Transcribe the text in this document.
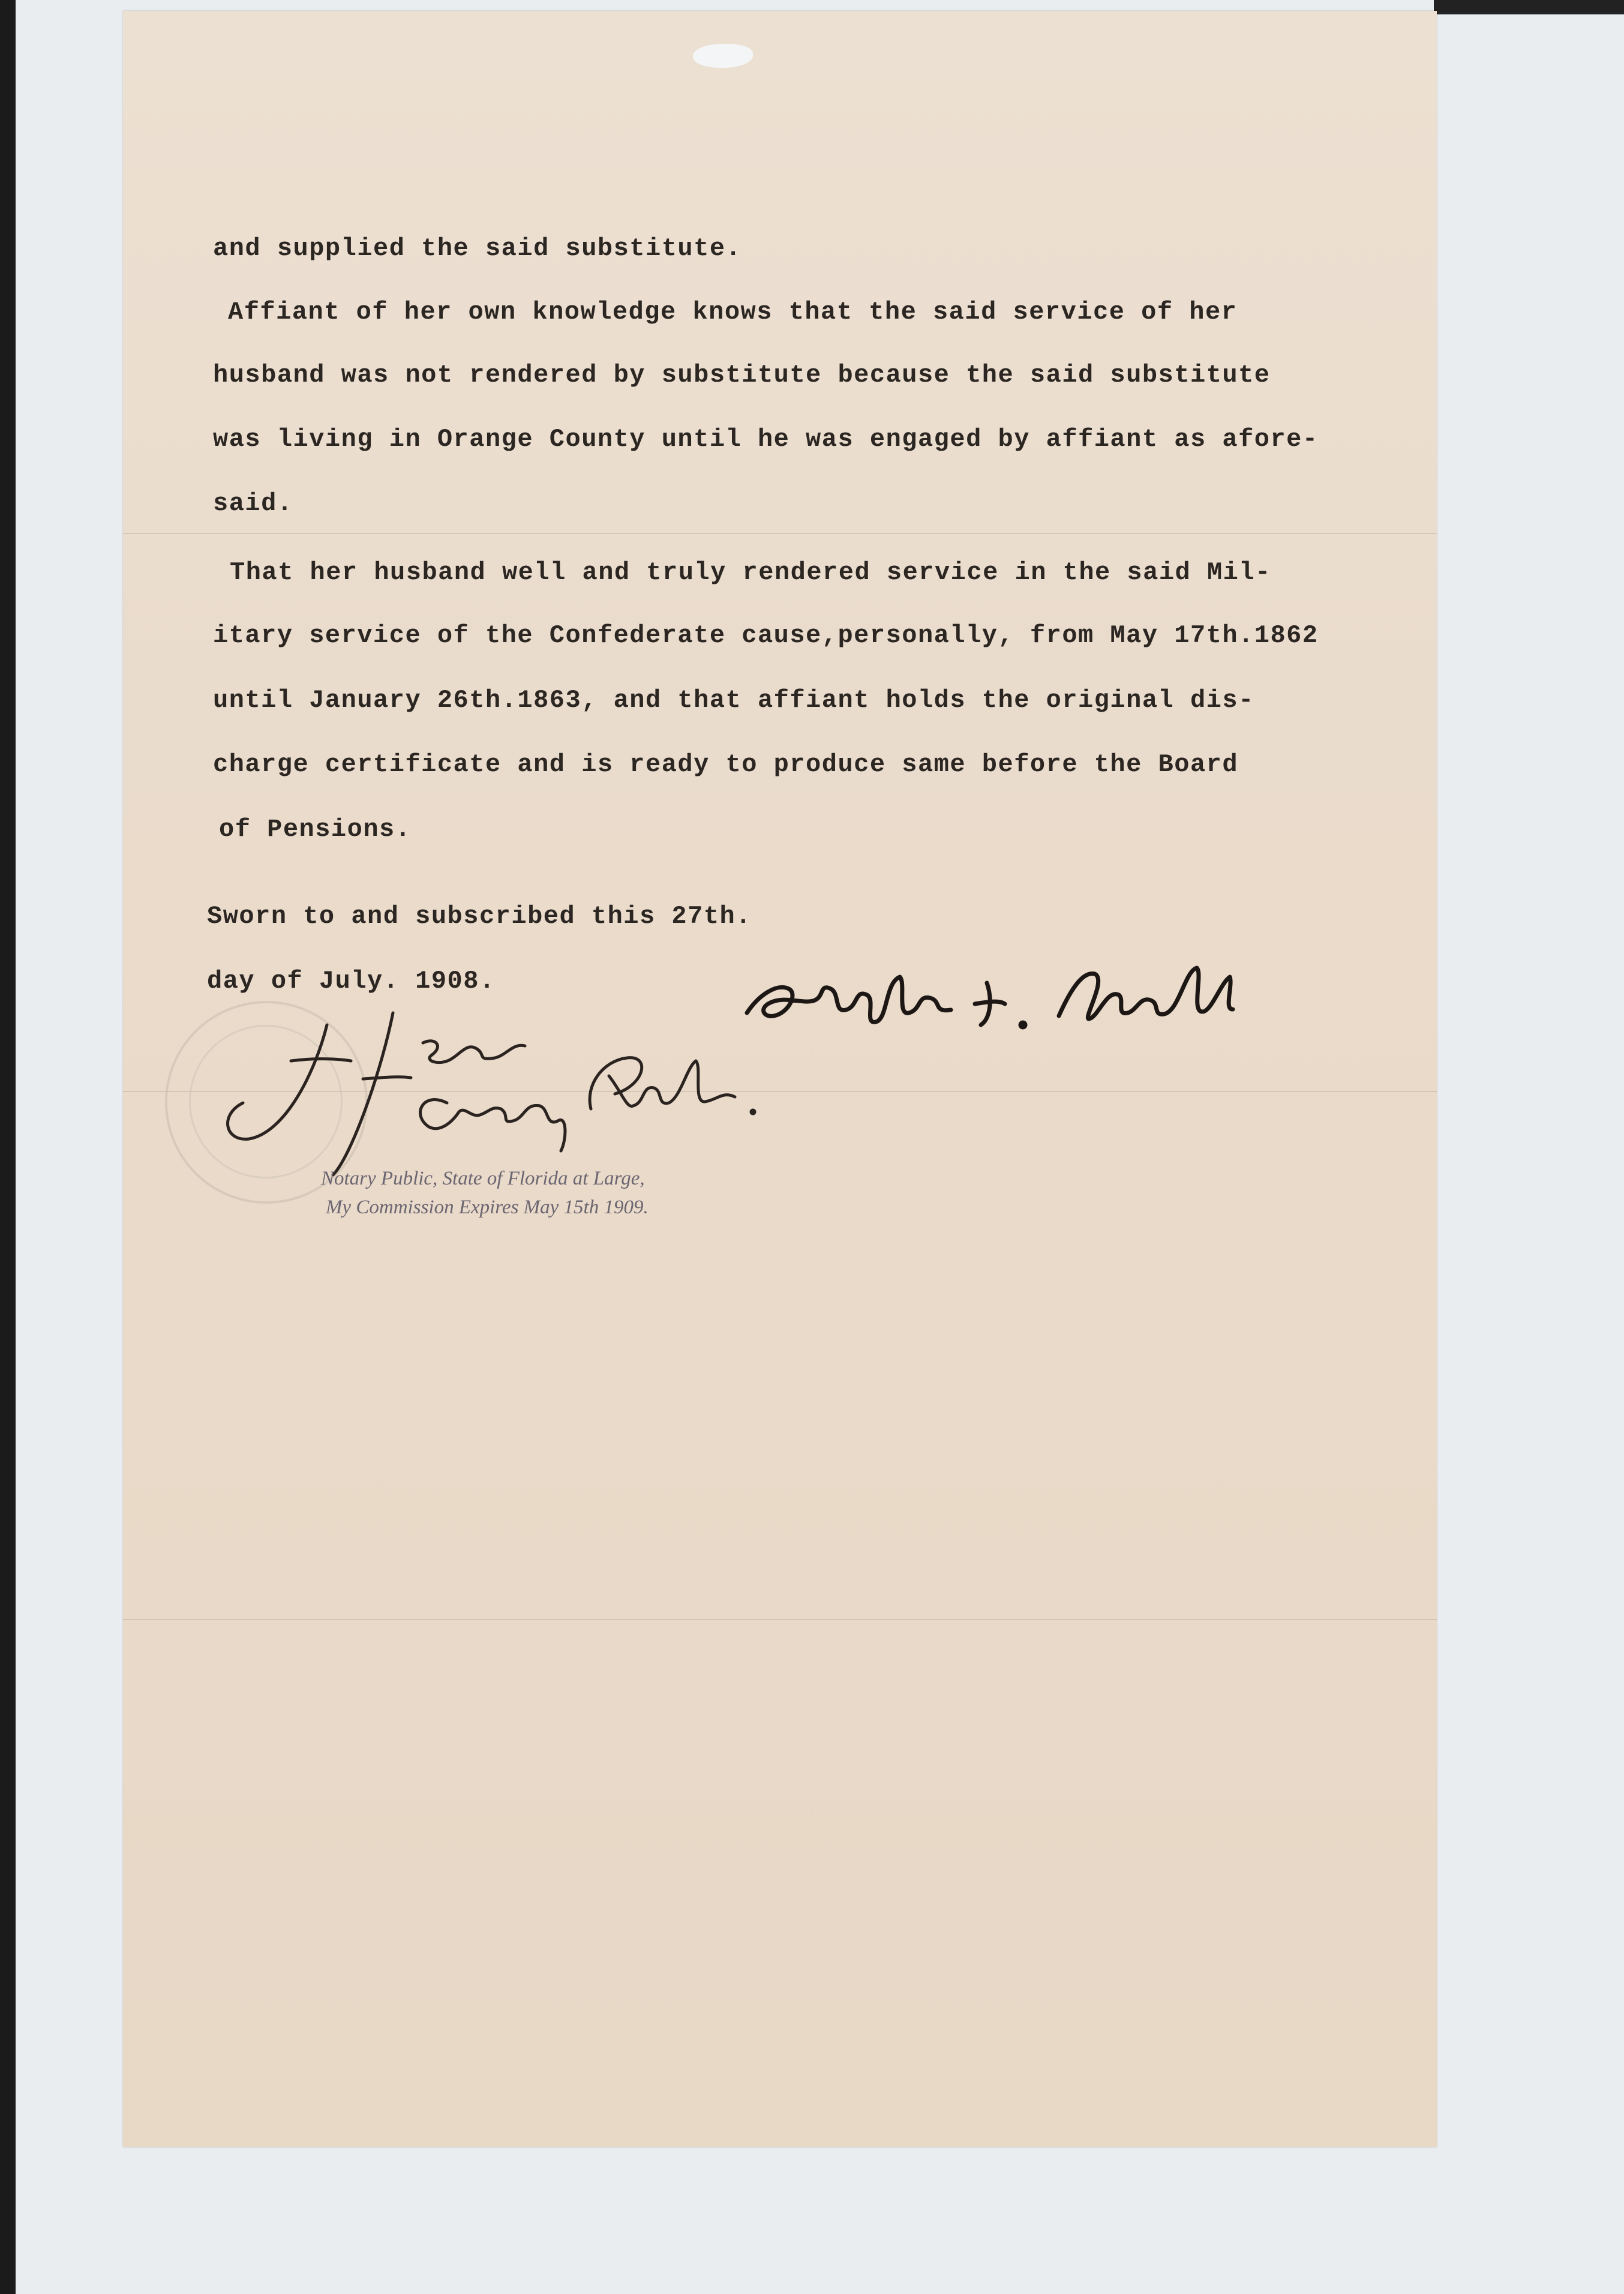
and supplied the said substitute.
Affiant of her own knowledge knows that the said service of her
husband was not rendered by substitute because the said substitute
was living in Orange County until he was engaged by affiant as afore-
said.
That her husband well and truly rendered service in the said Mil-
itary service of the Confederate cause,personally, from May 17th.1862
until January 26th.1863, and that affiant holds the original dis-
charge certificate and is ready to produce same before the Board
of Pensions.
Sworn to and subscribed this 27th.
day of July. 1908.
Notary Public, State of Florida at Large,
My Commission Expires May 15th 1909.
